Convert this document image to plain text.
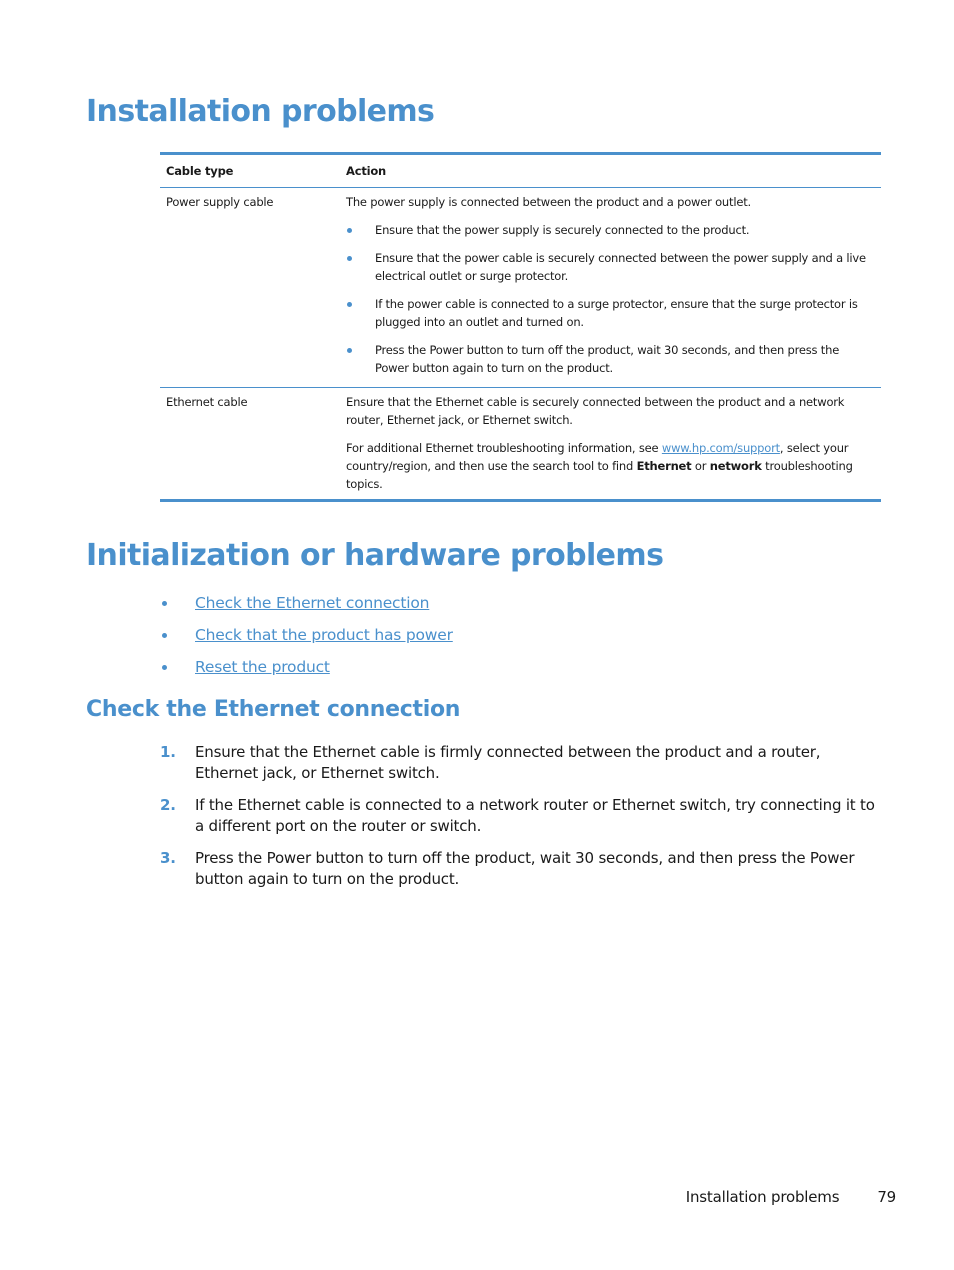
Installation problems
Cable type	Action
Power supply cable	The power supply is connected between the product and a power outlet.

Ensure that the power supply is securely connected to the product.
Ensure that the power cable is securely connected between the power supply and a live electrical outlet or surge protector.
If the power cable is connected to a surge protector, ensure that the surge protector is plugged into an outlet and turned on.
Press the Power button to turn off the product, wait 30 seconds, and then press the Power button again to turn on the product.
Ethernet cable	Ensure that the Ethernet cable is securely connected between the product and a network router, Ethernet jack, or Ethernet switch.

For additional Ethernet troubleshooting information, see www.hp.com/support, select your country/region, and then use the search tool to find Ethernet or network troubleshooting topics.

Initialization or hardware problems
Check the Ethernet connection
Check that the product has power
Reset the product
Check the Ethernet connection
1. Ensure that the Ethernet cable is firmly connected between the product and a router, Ethernet jack, or Ethernet switch.
2. If the Ethernet cable is connected to a network router or Ethernet switch, try connecting it to a different port on the router or switch.
3. Press the Power button to turn off the product, wait 30 seconds, and then press the Power button again to turn on the product.
Installation problems	79
